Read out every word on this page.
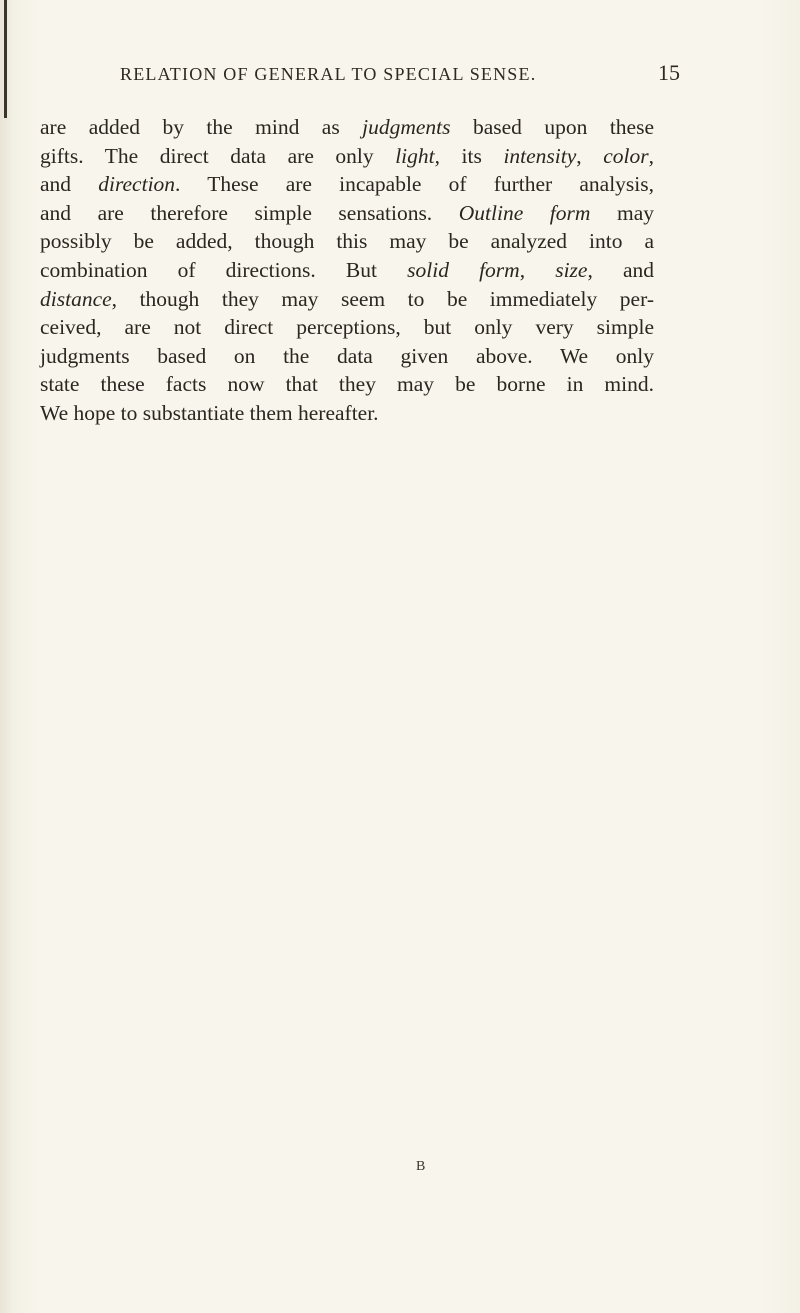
RELATION OF GENERAL TO SPECIAL SENSE.	15
are added by the mind as judgments based upon these
gifts. The direct data are only light, its intensity, color,
and direction. These are incapable of further analysis,
and are therefore simple sensations. Outline form may
possibly be added, though this may be analyzed into a
combination of directions. But solid form, size, and
distance, though they may seem to be immediately per-
ceived, are not direct perceptions, but only very simple
judgments based on the data given above. We only
state these facts now that they may be borne in mind.
We hope to substantiate them hereafter.
B
